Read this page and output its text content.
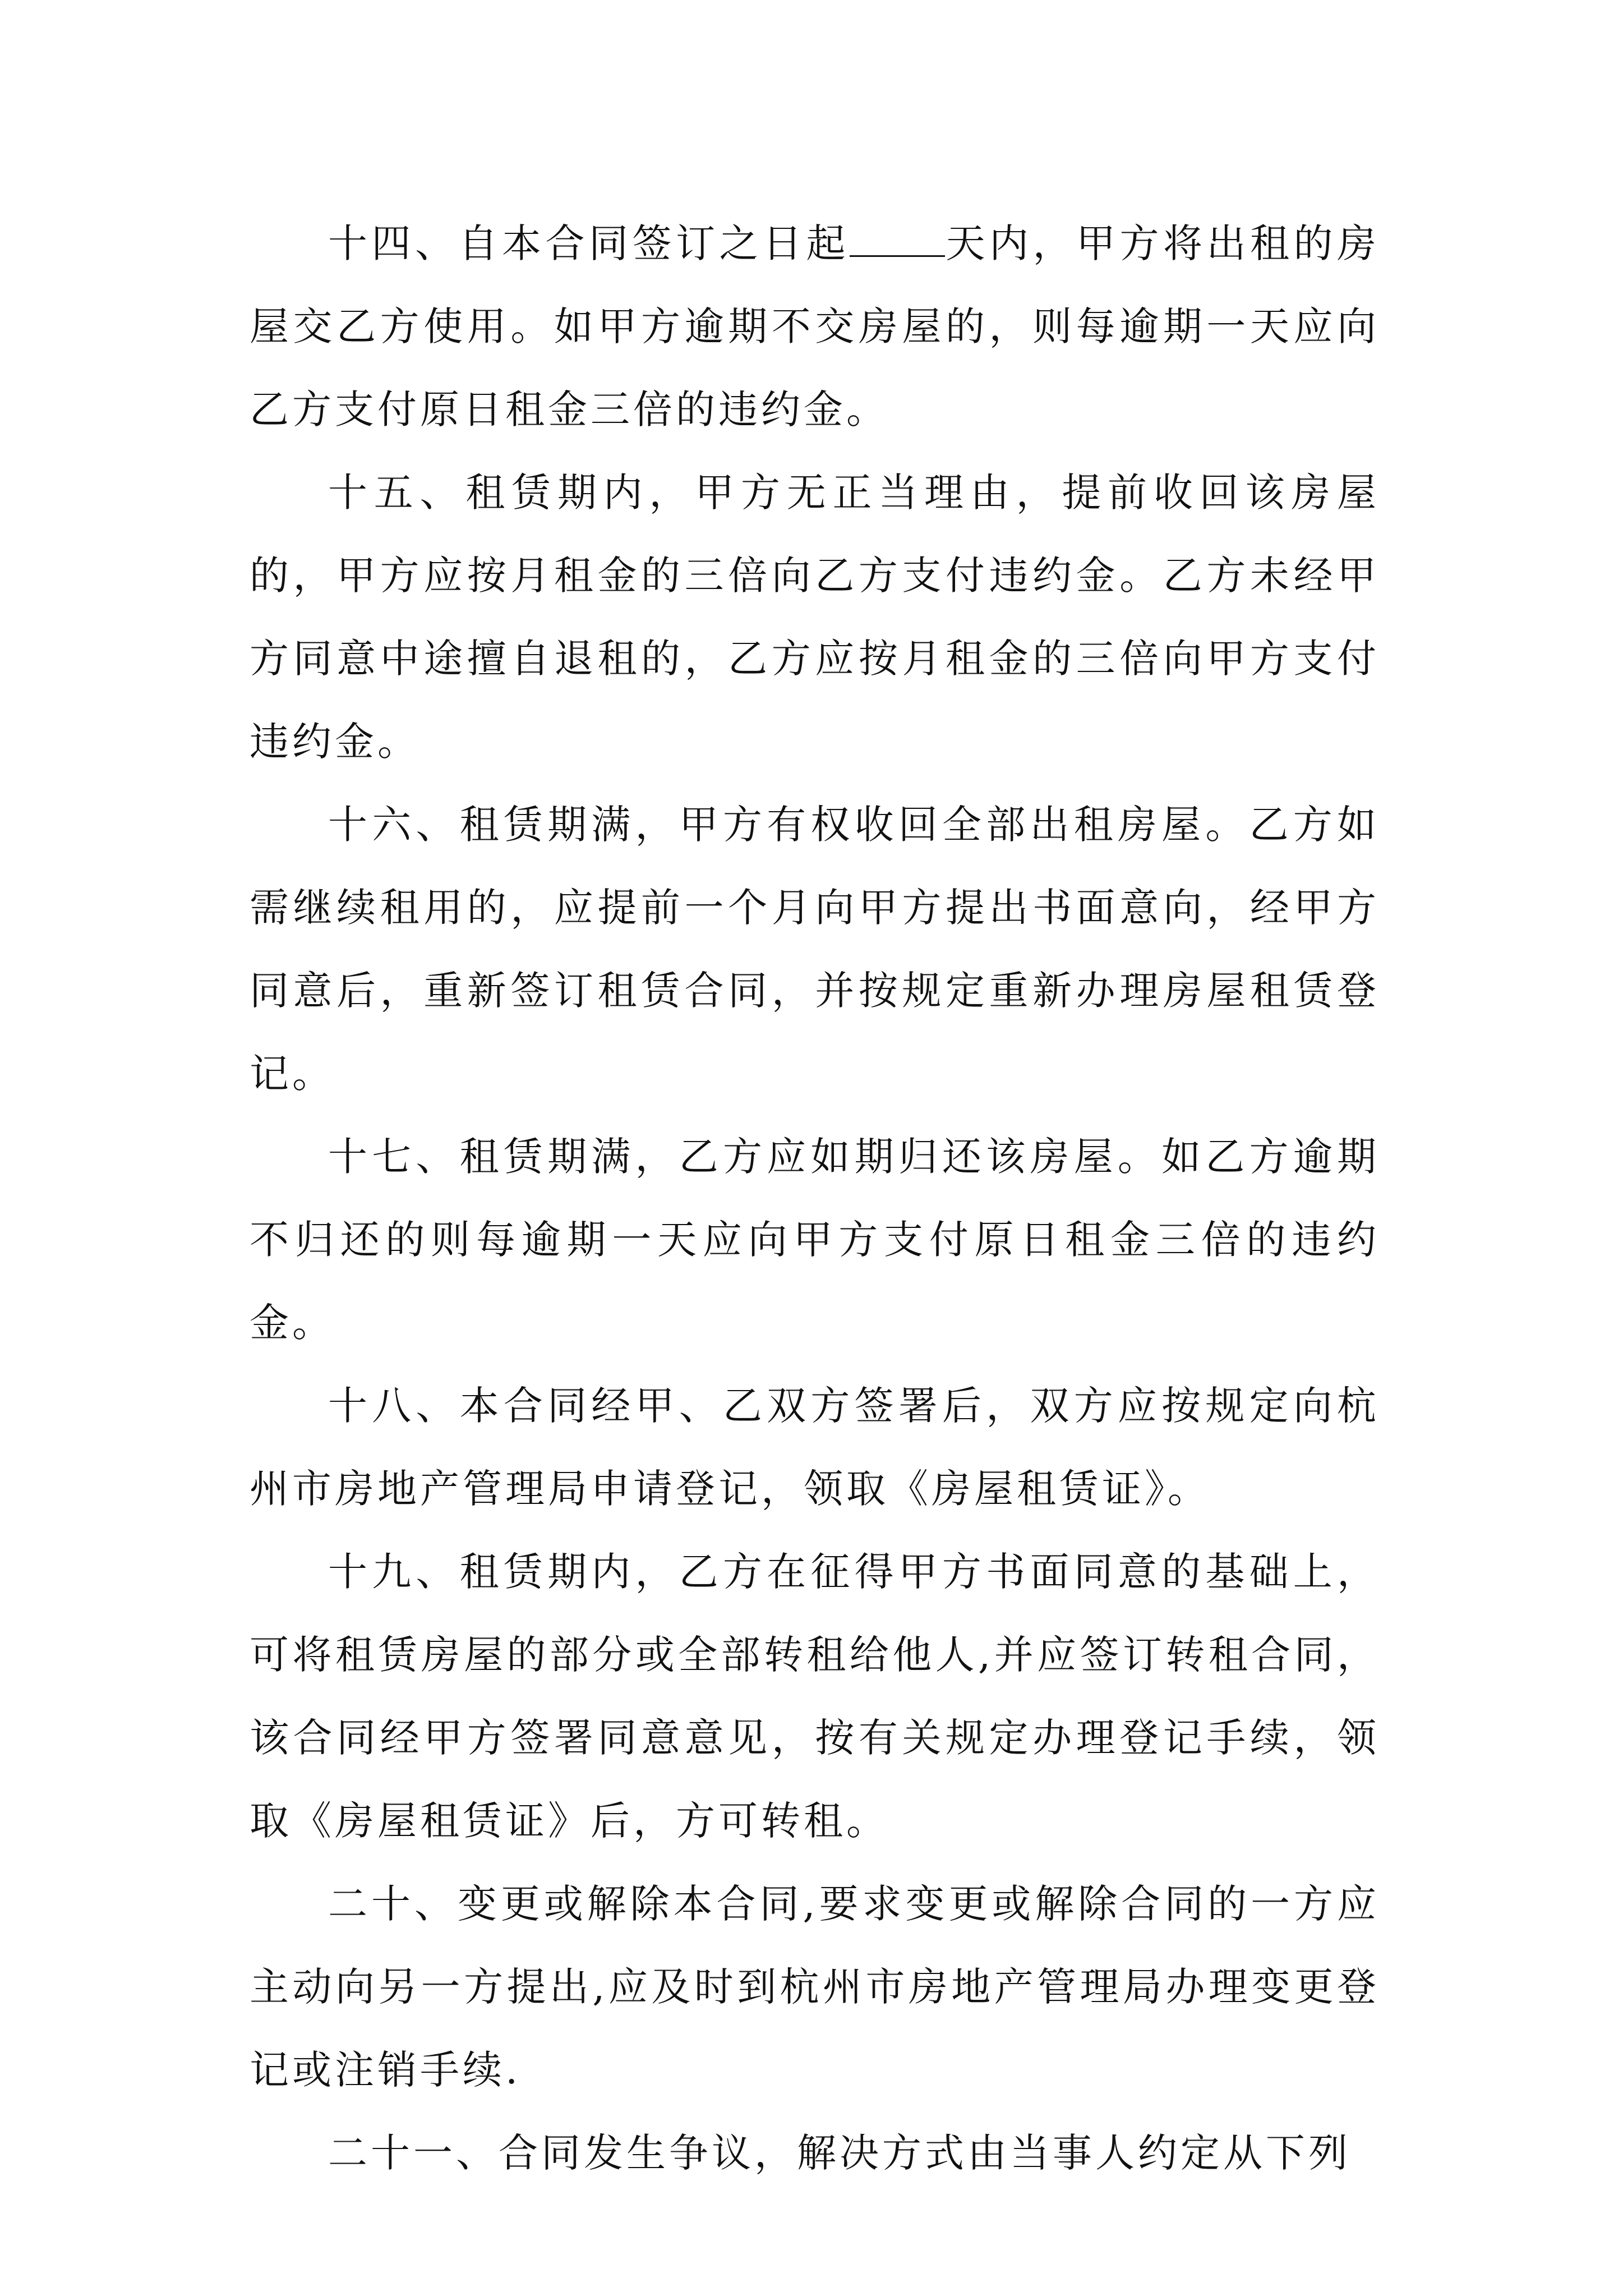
十四、自本合同签订之日起 天内，甲方将出租的房屋交乙方使用。如甲方逾期不交房屋的，则每逾期一天应向乙方支付原日租金三倍的违约金。

十五、租赁期内，甲方无正当理由，提前收回该房屋的，甲方应按月租金的三倍向乙方支付违约金。乙方未经甲方同意中途擅自退租的，乙方应按月租金的三倍向甲方支付违约金。

十六、租赁期满，甲方有权收回全部出租房屋。乙方如需继续租用的，应提前一个月向甲方提出书面意向，经甲方同意后，重新签订租赁合同，并按规定重新办理房屋租赁登记。

十七、租赁期满，乙方应如期归还该房屋。如乙方逾期不归还的则每逾期一天应向甲方支付原日租金三倍的违约金。

十八、本合同经甲、乙双方签署后，双方应按规定向杭州市房地产管理局申请登记，领取《房屋租赁证》。

十九、租赁期内，乙方在征得甲方书面同意的基础上，可将租赁房屋的部分或全部转租给他人,并应签订转租合同，该合同经甲方签署同意意见，按有关规定办理登记手续，领取《房屋租赁证》后，方可转租。

二十、变更或解除本合同,要求变更或解除合同的一方应主动向另一方提出,应及时到杭州市房地产管理局办理变更登记或注销手续.

二十一、合同发生争议，解决方式由当事人约定从下列
